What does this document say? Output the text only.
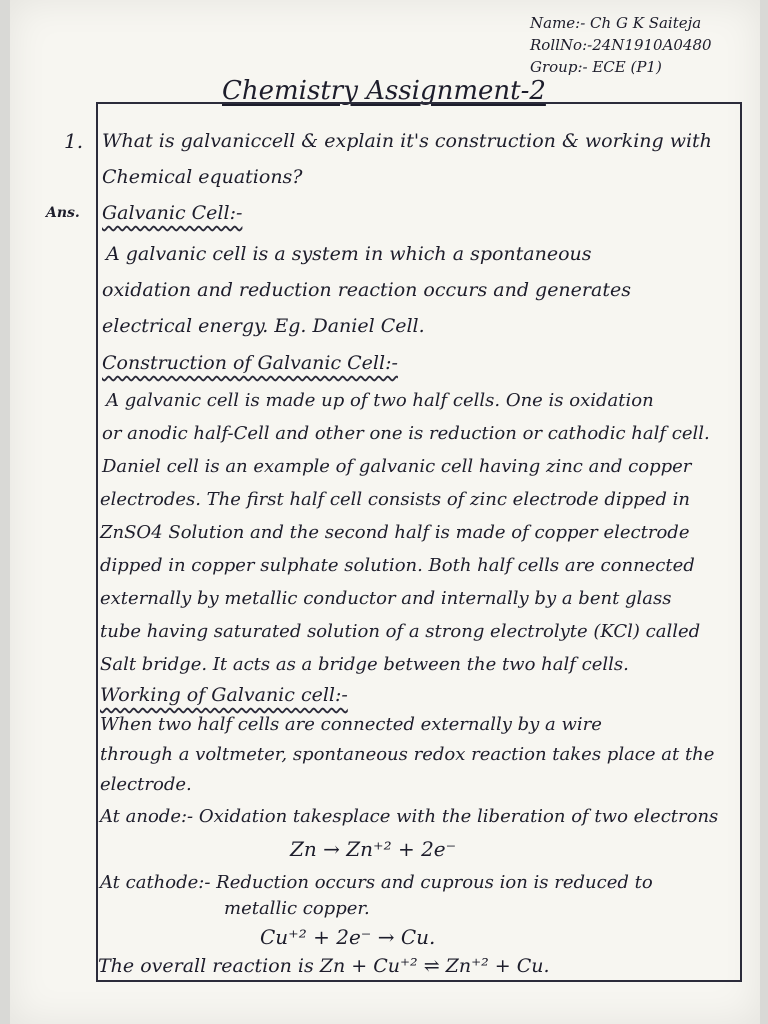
Name:- Ch G K Saiteja
RollNo:-24N1910A0480
Group:- ECE (P1)
Chemistry Assignment-2
1. What is galvaniccell & explain it's construction & working with
Chemical equations?
Ans. Galvanic Cell:-
A galvanic cell is a system in which a spontaneous
oxidation and reduction reaction occurs and generates
electrical energy. Eg. Daniel Cell.
Construction of Galvanic Cell:-
A galvanic cell is made up of two half cells. One is oxidation
or anodic half-Cell and other one is reduction or cathodic half cell.
Daniel cell is an example of galvanic cell having zinc and copper
electrodes. The first half cell consists of zinc electrode dipped in
ZnSO4 Solution and the second half is made of copper electrode
dipped in copper sulphate solution. Both half cells are connected
externally by metallic conductor and internally by a bent glass
tube having saturated solution of a strong electrolyte (KCl) called
Salt bridge. It acts as a bridge between the two half cells.
Working of Galvanic cell:-
When two half cells are connected externally by a wire
through a voltmeter, spontaneous redox reaction takes place at the
electrode.
At anode:- Oxidation takesplace with the liberation of two electrons
Zn → Zn⁺² + 2e⁻
At cathode:- Reduction occurs and cuprous ion is reduced to
metallic copper.
Cu⁺² + 2e⁻ → Cu.
The overall reaction is Zn + Cu⁺² ⇌ Zn⁺² + Cu.
